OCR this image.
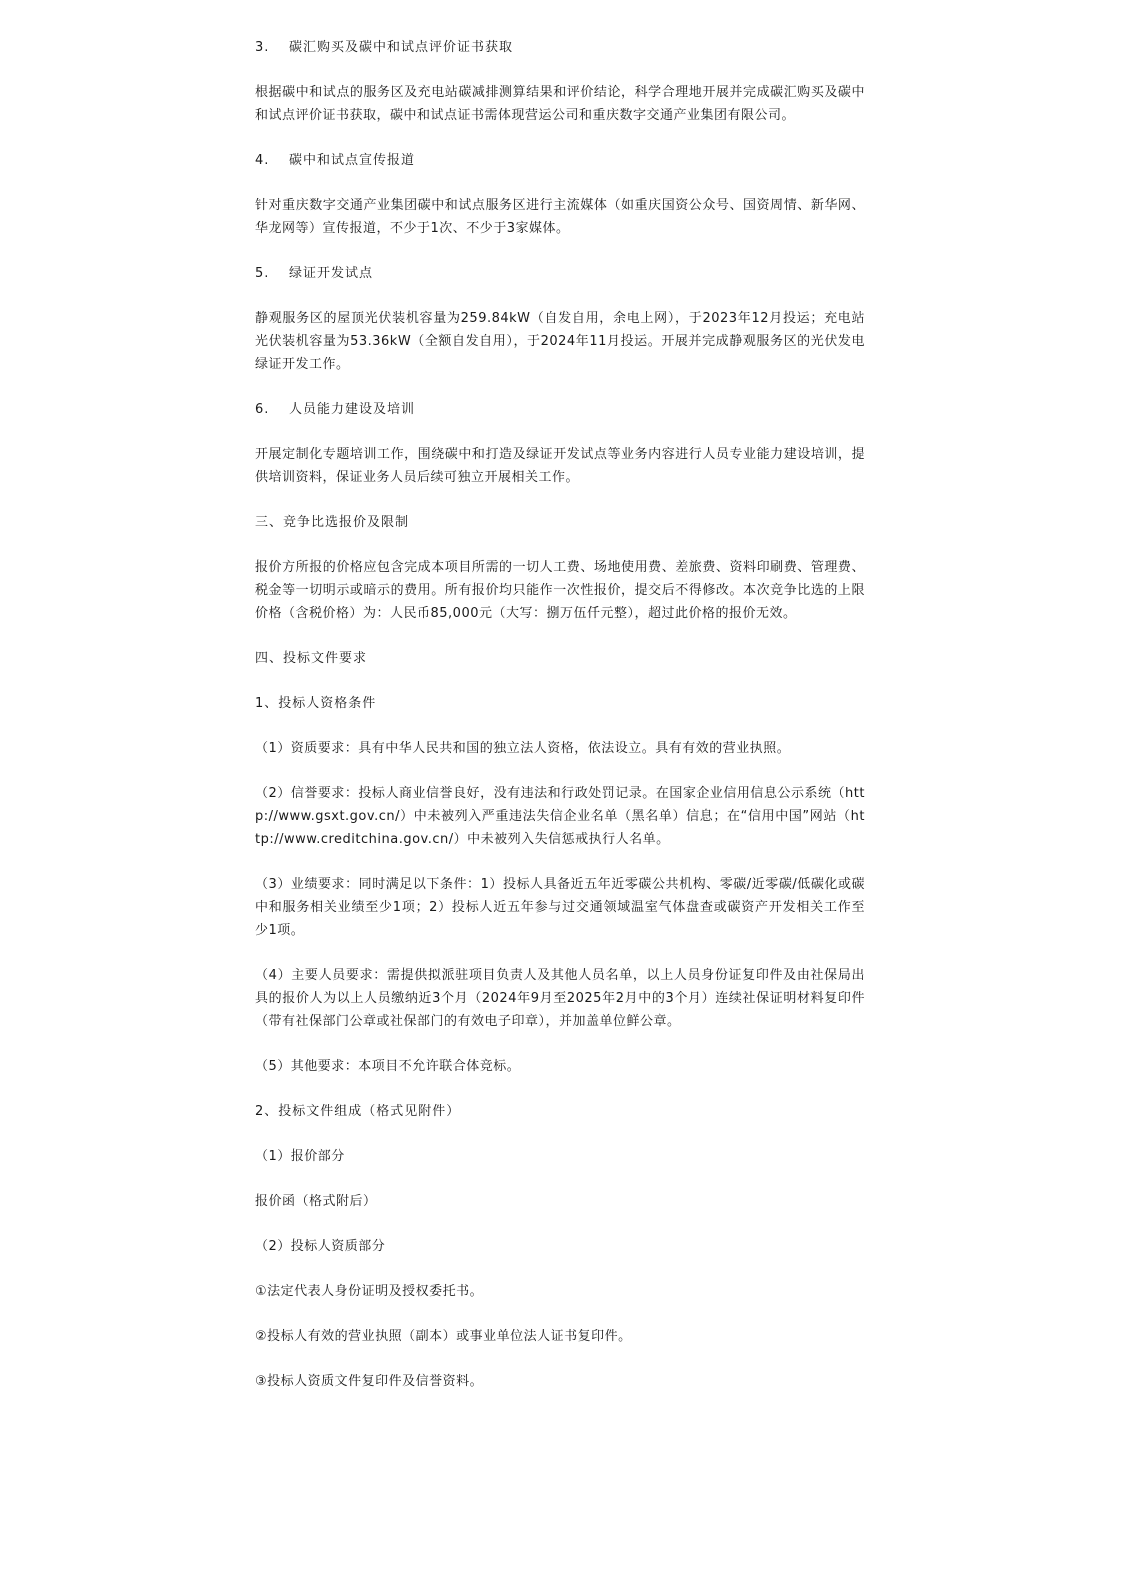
3. 碳汇购买及碳中和试点评价证书获取

根据碳中和试点的服务区及充电站碳减排测算结果和评价结论，科学合理地开展并完成碳汇购买及碳中和试点评价证书获取，碳中和试点证书需体现营运公司和重庆数字交通产业集团有限公司。

4. 碳中和试点宣传报道

针对重庆数字交通产业集团碳中和试点服务区进行主流媒体（如重庆国资公众号、国资周情、新华网、华龙网等）宣传报道，不少于1次、不少于3家媒体。

5. 绿证开发试点

静观服务区的屋顶光伏装机容量为259.84kW（自发自用，余电上网），于2023年12月投运；充电站光伏装机容量为53.36kW（全额自发自用），于2024年11月投运。开展并完成静观服务区的光伏发电绿证开发工作。

6. 人员能力建设及培训

开展定制化专题培训工作，围绕碳中和打造及绿证开发试点等业务内容进行人员专业能力建设培训，提供培训资料，保证业务人员后续可独立开展相关工作。

三、竞争比选报价及限制

报价方所报的价格应包含完成本项目所需的一切人工费、场地使用费、差旅费、资料印刷费、管理费、税金等一切明示或暗示的费用。所有报价均只能作一次性报价，提交后不得修改。本次竞争比选的上限价格（含税价格）为：人民币85,000元（大写：捌万伍仟元整），超过此价格的报价无效。

四、投标文件要求

1、投标人资格条件

（1）资质要求：具有中华人民共和国的独立法人资格，依法设立。具有有效的营业执照。

（2）信誉要求：投标人商业信誉良好，没有违法和行政处罚记录。在国家企业信用信息公示系统（http://www.gsxt.gov.cn/）中未被列入严重违法失信企业名单（黑名单）信息；在“信用中国”网站（http://www.creditchina.gov.cn/）中未被列入失信惩戒执行人名单。

（3）业绩要求：同时满足以下条件：1）投标人具备近五年近零碳公共机构、零碳/近零碳/低碳化或碳中和服务相关业绩至少1项；2）投标人近五年参与过交通领域温室气体盘查或碳资产开发相关工作至少1项。

（4）主要人员要求：需提供拟派驻项目负责人及其他人员名单，以上人员身份证复印件及由社保局出具的报价人为以上人员缴纳近3个月（2024年9月至2025年2月中的3个月）连续社保证明材料复印件（带有社保部门公章或社保部门的有效电子印章），并加盖单位鲜公章。

（5）其他要求：本项目不允许联合体竞标。

2、投标文件组成（格式见附件）

（1）报价部分

报价函（格式附后）

（2）投标人资质部分

①法定代表人身份证明及授权委托书。

②投标人有效的营业执照（副本）或事业单位法人证书复印件。

③投标人资质文件复印件及信誉资料。
